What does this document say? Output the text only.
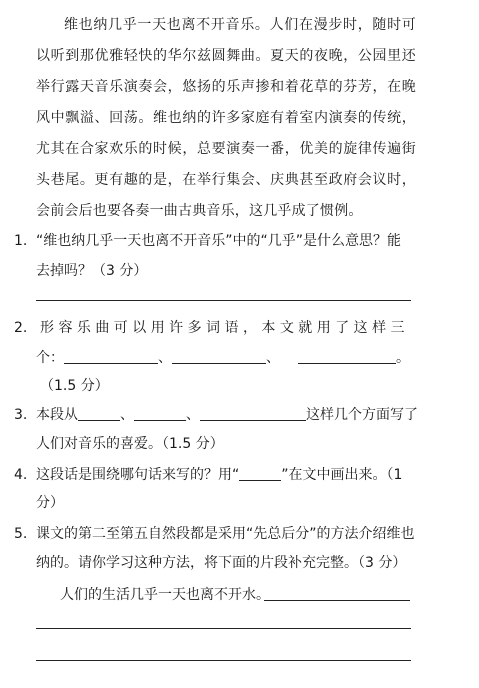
维也纳几乎一天也离不开音乐。人们在漫步时，随时可以听到那优雅轻快的华尔兹圆舞曲。夏天的夜晚，公园里还举行露天音乐演奏会，悠扬的乐声掺和着花草的芬芳，在晚风中飘溢、回荡。维也纳的许多家庭有着室内演奏的传统，尤其在合家欢乐的时候，总要演奏一番，优美的旋律传遍街头巷尾。更有趣的是，在举行集会、庆典甚至政府会议时，会前会后也要各奏一曲古典音乐，这几乎成了惯例。

1. “维也纳几乎一天也离不开音乐”中的“几乎”是什么意思？能
去掉吗？（3 分）
2. 形 容 乐 曲 可 以 用 许 多 词 语 ， 本 文 就 用 了 这 样 三
个：	、	、	。
（1.5 分）
3. 本段从	、	、	这样几个方面写了
人们对音乐的喜爱。（1.5 分）
4. 这段话是围绕哪句话来写的？用“	”在文中画出来。（1
分）
5. 课文的第二至第五自然段都是采用“先总后分”的方法介绍维也
纳的。请你学习这种方法，将下面的片段补充完整。（3 分）
人们的生活几乎一天也离不开水。
